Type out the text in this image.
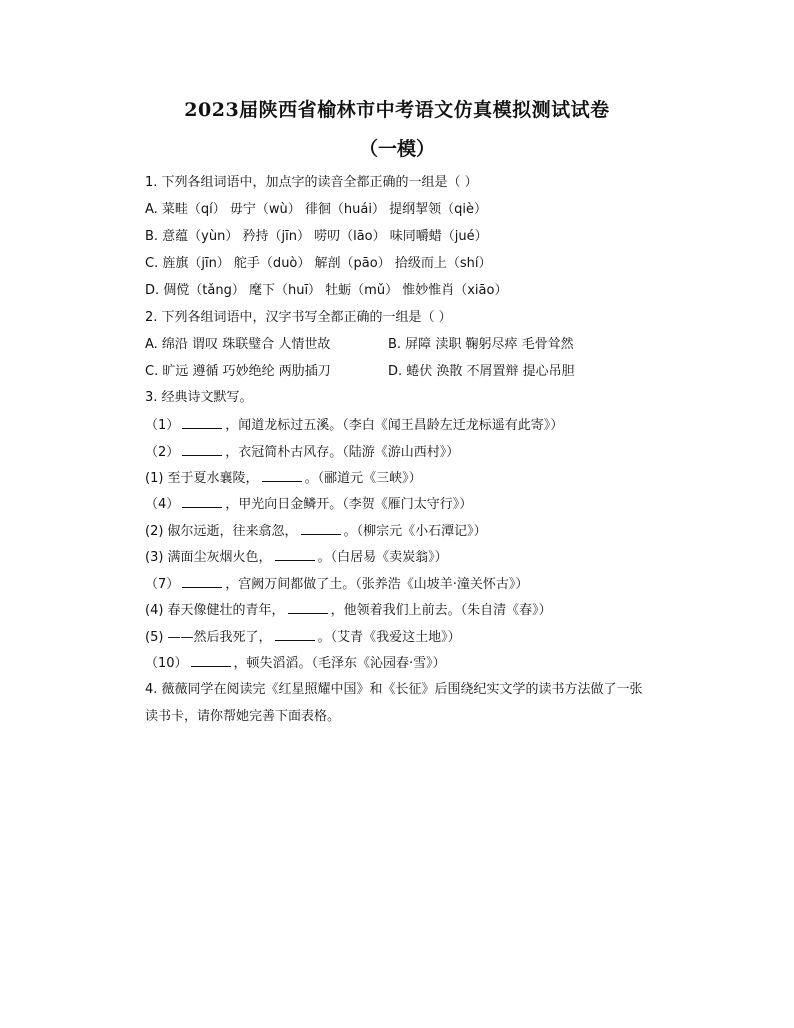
2023届陕西省榆林市中考语文仿真模拟测试试卷
（一模）
1. 下列各组词语中，加点字的读音全都正确的一组是（ ）
A. 菜畦（qí） 毋宁（wù） 徘徊（huái） 提纲挈领（qiè）
B. 意蕴（yùn） 矜持（jīn） 唠叨（lāo） 味同嚼蜡（jué）
C. 旌旗（jīn） 舵手（duò） 解剖（pāo） 拾级而上（shí）
D. 倜傥（tǎng） 麾下（huī） 牡蛎（mǔ） 惟妙惟肖（xiāo）
2. 下列各组词语中，汉字书写全都正确的一组是（ ）
A. 绵沿 谓叹 珠联璧合 人情世故	B. 屏障 渎职 鞠躬尽瘁 毛骨耸然
C. 旷远 遵循 巧妙绝纶 两肋插刀	D. 蜷伏 涣散 不屑置辩 提心吊胆
3. 经典诗文默写。
（1）	，闻道龙标过五溪。（李白《闻王昌龄左迁龙标遥有此寄》）
（2）	，衣冠简朴古风存。（陆游《游山西村》）
(1) 至于夏水襄陵，	。（郦道元《三峡》）
（4）	，甲光向日金鳞开。（李贺《雁门太守行》）
(2) 俶尔远逝，往来翕忽，	。（柳宗元《小石潭记》）
(3) 满面尘灰烟火色，	。（白居易《卖炭翁》）
（7）	，宫阙万间都做了土。（张养浩《山坡羊·潼关怀古》）
(4) 春天像健壮的青年，	，他领着我们上前去。（朱自清《春》）
(5) ——然后我死了，	。（艾青《我爱这土地》）
（10）	，顿失滔滔。（毛泽东《沁园春·雪》）
4. 薇薇同学在阅读完《红星照耀中国》和《长征》后围绕纪实文学的读书方法做了一张
读书卡，请你帮她完善下面表格。
